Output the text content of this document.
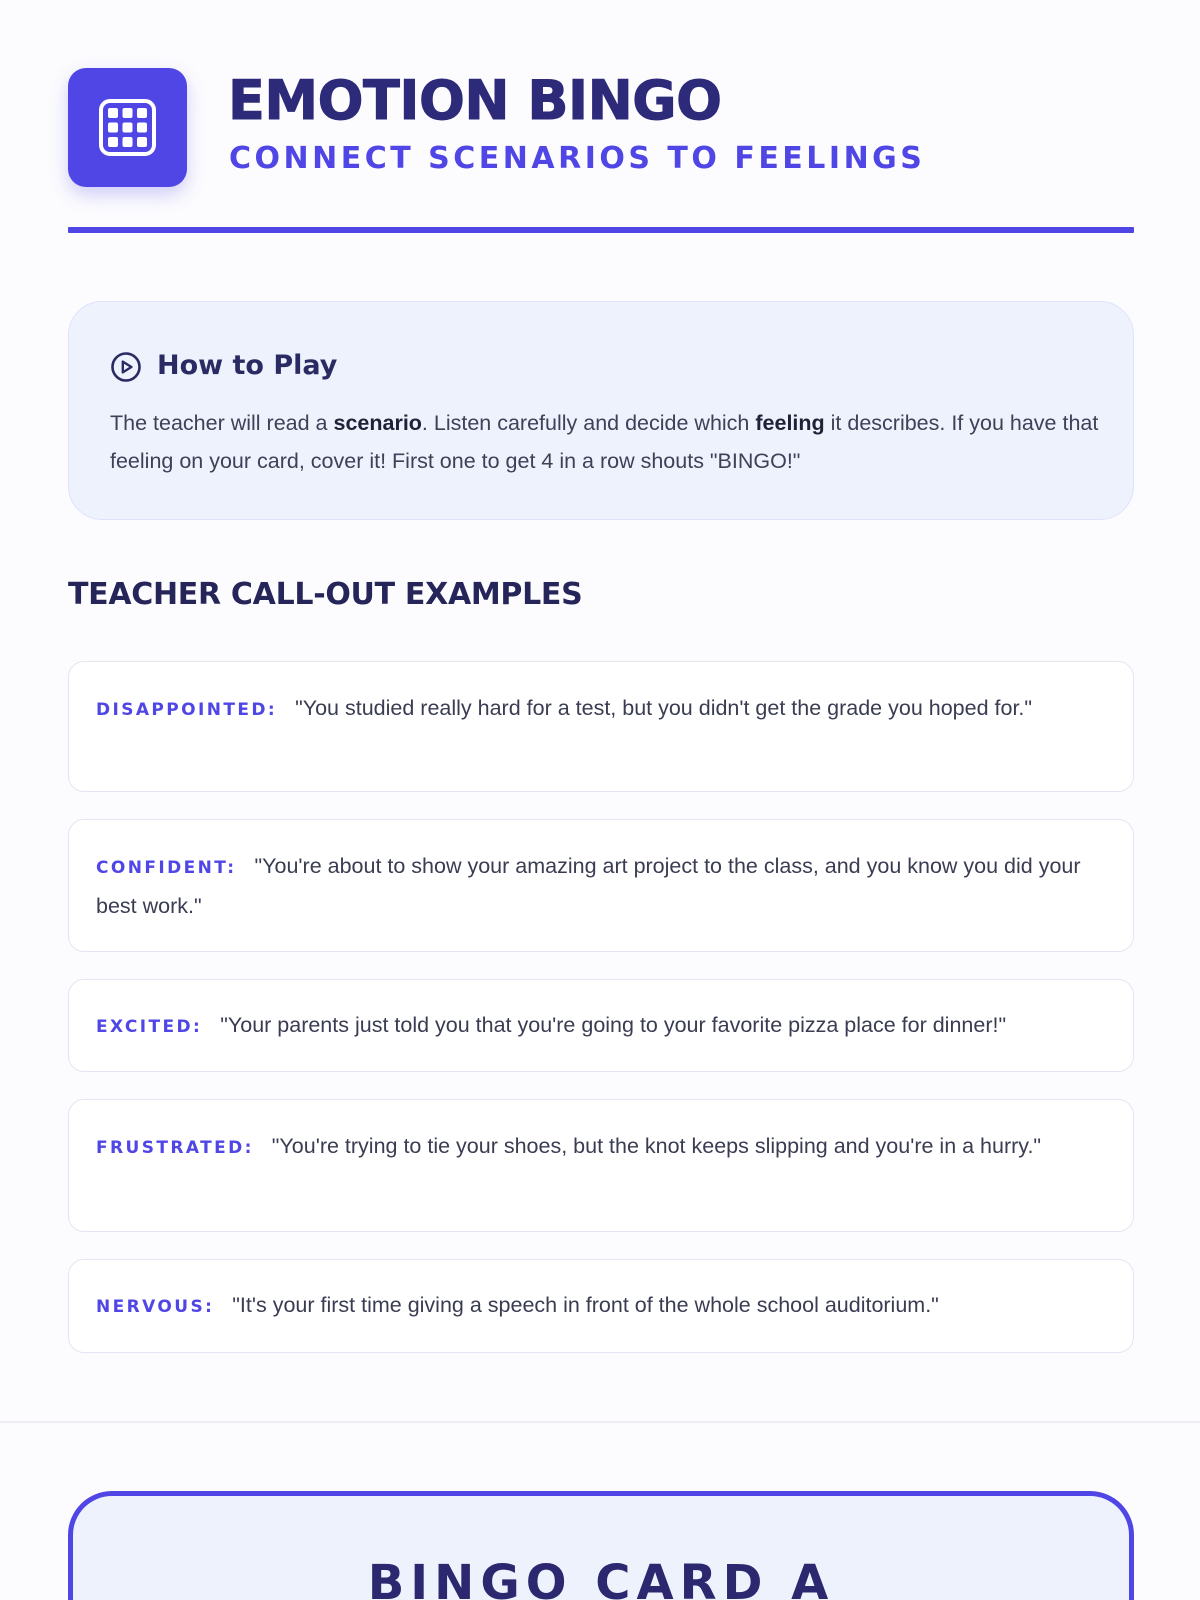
EMOTION BINGO
CONNECT SCENARIOS TO FEELINGS
How to Play

The teacher will read a scenario. Listen carefully and decide which feeling it describes. If you have that feeling on your card, cover it! First one to get 4 in a row shouts "BINGO!"

TEACHER CALL-OUT EXAMPLES

DISAPPOINTED: "You studied really hard for a test, but you didn't get the grade you hoped for."

CONFIDENT: "You're about to show your amazing art project to the class, and you know you did your best work."

EXCITED: "Your parents just told you that you're going to your favorite pizza place for dinner!"

FRUSTRATED: "You're trying to tie your shoes, but the knot keeps slipping and you're in a hurry."

NERVOUS: "It's your first time giving a speech in front of the whole school auditorium."

BINGO CARD A
